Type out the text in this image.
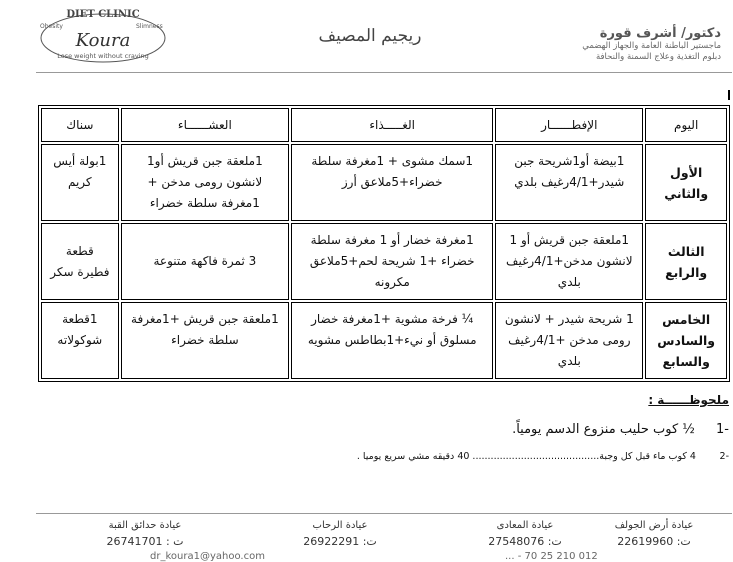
DIET CLINIC
Obesity	Slimness
Koura
Lose weight without craving
ريجيم المصيف	دكتور/ أشرف قورة
ماجستير الباطنة العامة والجهاز الهضمي
دبلوم التغذية وعلاج السمنة والنحافة
اليوم	الإفطــــــار	الغـــــذاء	العشــــــاء	سناك
الأول والثاني	1بيضة أو1شريحة جبن شيدر+4/1رغيف بلدي	1سمك مشوى + 1مغرفة سلطة خضراء+5ملاعق أرز	1ملعقة جبن قريش أو1 لانشون رومى مدخن + 1مغرفة سلطة خضراء	1بولة أيس كريم
الثالث والرابع	1ملعقة جبن قريش أو 1 لانشون مدخن+4/1رغيف بلدي	1مغرفة خضار أو 1 مغرفة سلطة خضراء +1 شريحة لحم+5ملاعق مكرونه	3 ثمرة فاكهة متنوعة	قطعة فطيرة سكر
الخامس والسادس والسابع	1 شريحة شيدر + لانشون رومى مدخن +4/1رغيف بلدي	¼ فرخة مشوية +1مغرفة خضار مسلوق أو نيء+1بطاطس مشويه	1ملعقة جبن قريش +1مغرفة سلطة خضراء	1قطعة شوكولاته
ملحوظــــــة :
-1 ½ كوب حليب منزوع الدسم يومياً.
-2 4 كوب ماء قبل كل وجبة.......................................... 40 دقيقه مشي سريع يوميا .
عيادة أرض الجولف
ت: 22619960
عيادة المعادى
ت: 27548076
عيادة الرحاب
ت: 26922291
عيادة حدائق القبة
ت : 26741701
012 210 25 70 - ...
dr_koura1@yahoo.com
